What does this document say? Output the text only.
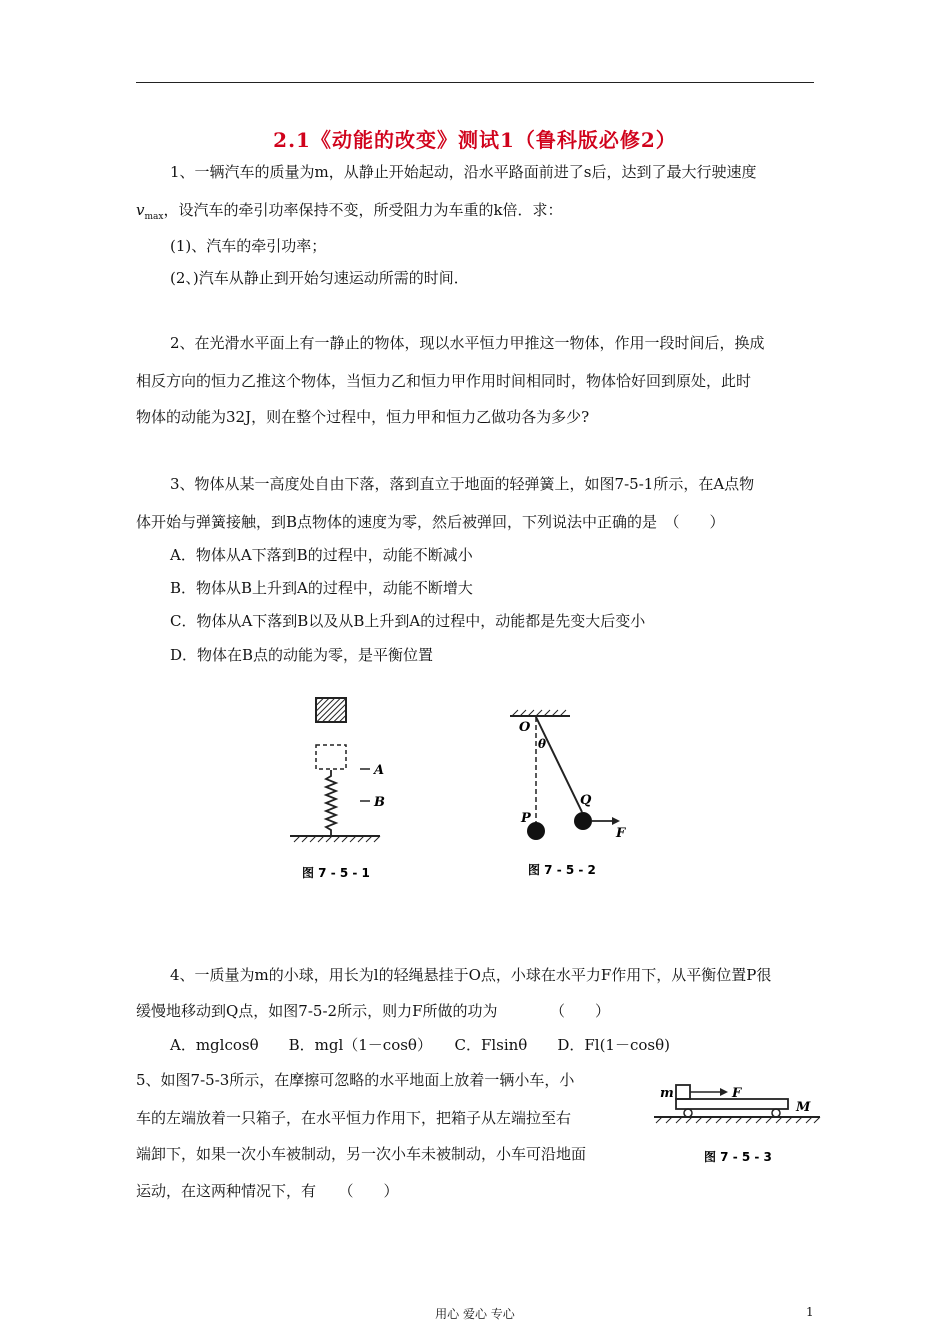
2.1《动能的改变》测试1（鲁科版必修2）
1、一辆汽车的质量为m，从静止开始起动，沿水平路面前进了s后，达到了最大行驶速度
$v_{max}$，设汽车的牵引功率保持不变，所受阻力为车重的k倍．求：
(1)、汽车的牵引功率；
(2、)汽车从静止到开始匀速运动所需的时间．
2、在光滑水平面上有一静止的物体，现以水平恒力甲推这一物体，作用一段时间后，换成
相反方向的恒力乙推这个物体，当恒力乙和恒力甲作用时间相同时，物体恰好回到原处，此时
物体的动能为32J，则在整个过程中，恒力甲和恒力乙做功各为多少?
3、物体从某一高度处自由下落，落到直立于地面的轻弹簧上，如图7-5-1所示，在A点物
体开始与弹簧接触，到B点物体的速度为零，然后被弹回，下列说法中正确的是　（　　）
A．物体从A下落到B的过程中，动能不断减小
B．物体从B上升到A的过程中，动能不断增大
C．物体从A下落到B以及从B上升到A的过程中，动能都是先变大后变小
D．物体在B点的动能为零，是平衡位置
A
B
图 7 - 5 - 1
O
θ
P
Q
F
图 7 - 5 - 2
4、一质量为m的小球，用长为l的轻绳悬挂于O点，小球在水平力F作用下，从平衡位置P很
缓慢地移动到Q点，如图7-5-2所示，则力F所做的功为　　　　（　　）
A．mglcosθ　　B．mgl（1－cosθ）　　C．Flsinθ　　D．Fl(1－cosθ)
5、如图7-5-3所示，在摩擦可忽略的水平地面上放着一辆小车，小
车的左端放着一只箱子，在水平恒力作用下，把箱子从左端拉至右
端卸下，如果一次小车被制动，另一次小车未被制动，小车可沿地面
运动，在这两种情况下，有　　（　　）
m	F
M
图 7 - 5 - 3
用心 爱心 专心	1
